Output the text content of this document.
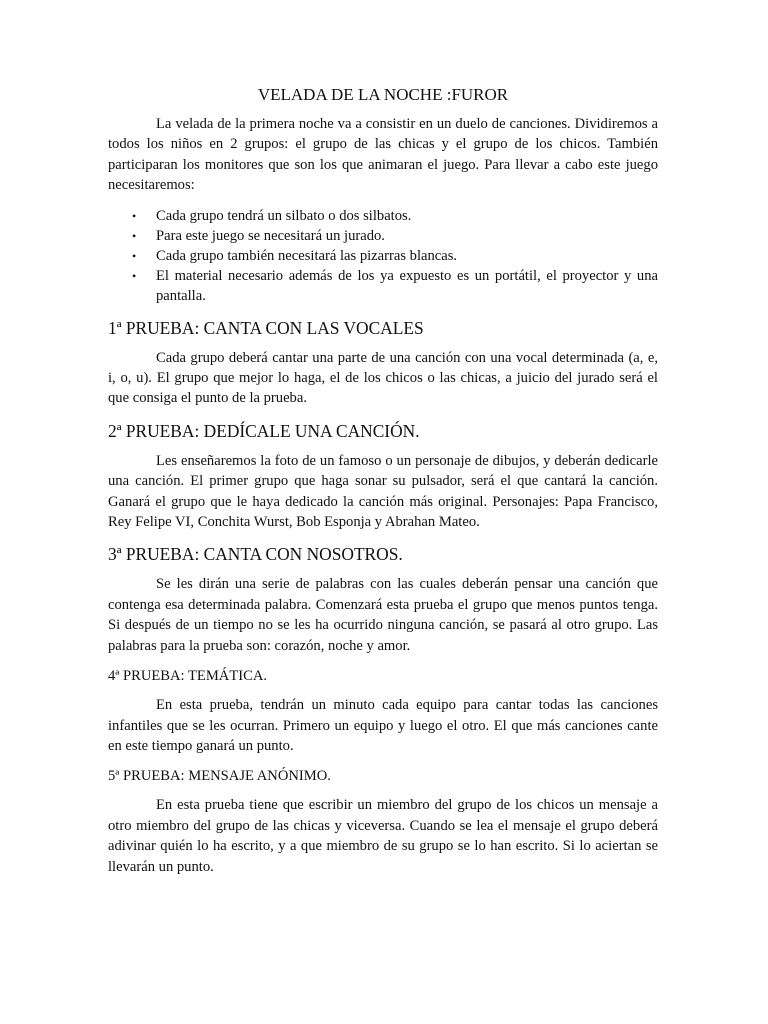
VELADA DE LA NOCHE :FUROR

La velada de la primera noche va a consistir en un duelo de canciones. Dividiremos a todos los niños en 2 grupos: el grupo de las chicas y el grupo de los chicos. También participaran los monitores que son los que animaran el juego. Para llevar a cabo este juego necesitaremos:

• Cada grupo tendrá un silbato o dos silbatos.
• Para este juego se necesitará un jurado.
• Cada grupo también necesitará las pizarras blancas.
• El material necesario además de los ya expuesto es un portátil, el proyector y una pantalla.
1ª PRUEBA: CANTA CON LAS VOCALES

Cada grupo deberá cantar una parte de una canción con una vocal determinada (a, e, i, o, u). El grupo que mejor lo haga, el de los chicos o las chicas, a juicio del jurado será el que consiga el punto de la prueba.

2ª PRUEBA: DEDÍCALE UNA CANCIÓN.

Les enseñaremos la foto de un famoso o un personaje de dibujos, y deberán dedicarle una canción. El primer grupo que haga sonar su pulsador, será el que cantará la canción. Ganará el grupo que le haya dedicado la canción más original. Personajes: Papa Francisco, Rey Felipe VI, Conchita Wurst, Bob Esponja y Abrahan Mateo.

3ª PRUEBA: CANTA CON NOSOTROS.

Se les dirán una serie de palabras con las cuales deberán pensar una canción que contenga esa determinada palabra. Comenzará esta prueba el grupo que menos puntos tenga. Si después de un tiempo no se les ha ocurrido ninguna canción, se pasará al otro grupo. Las palabras para la prueba son: corazón, noche y amor.

4ª PRUEBA: TEMÁTICA.

En esta prueba, tendrán un minuto cada equipo para cantar todas las canciones infantiles que se les ocurran. Primero un equipo y luego el otro. El que más canciones cante en este tiempo ganará un punto.

5ª PRUEBA: MENSAJE ANÓNIMO.

En esta prueba tiene que escribir un miembro del grupo de los chicos un mensaje a otro miembro del grupo de las chicas y viceversa. Cuando se lea el mensaje el grupo deberá adivinar quién lo ha escrito, y a que miembro de su grupo se lo han escrito. Si lo aciertan se llevarán un punto.
